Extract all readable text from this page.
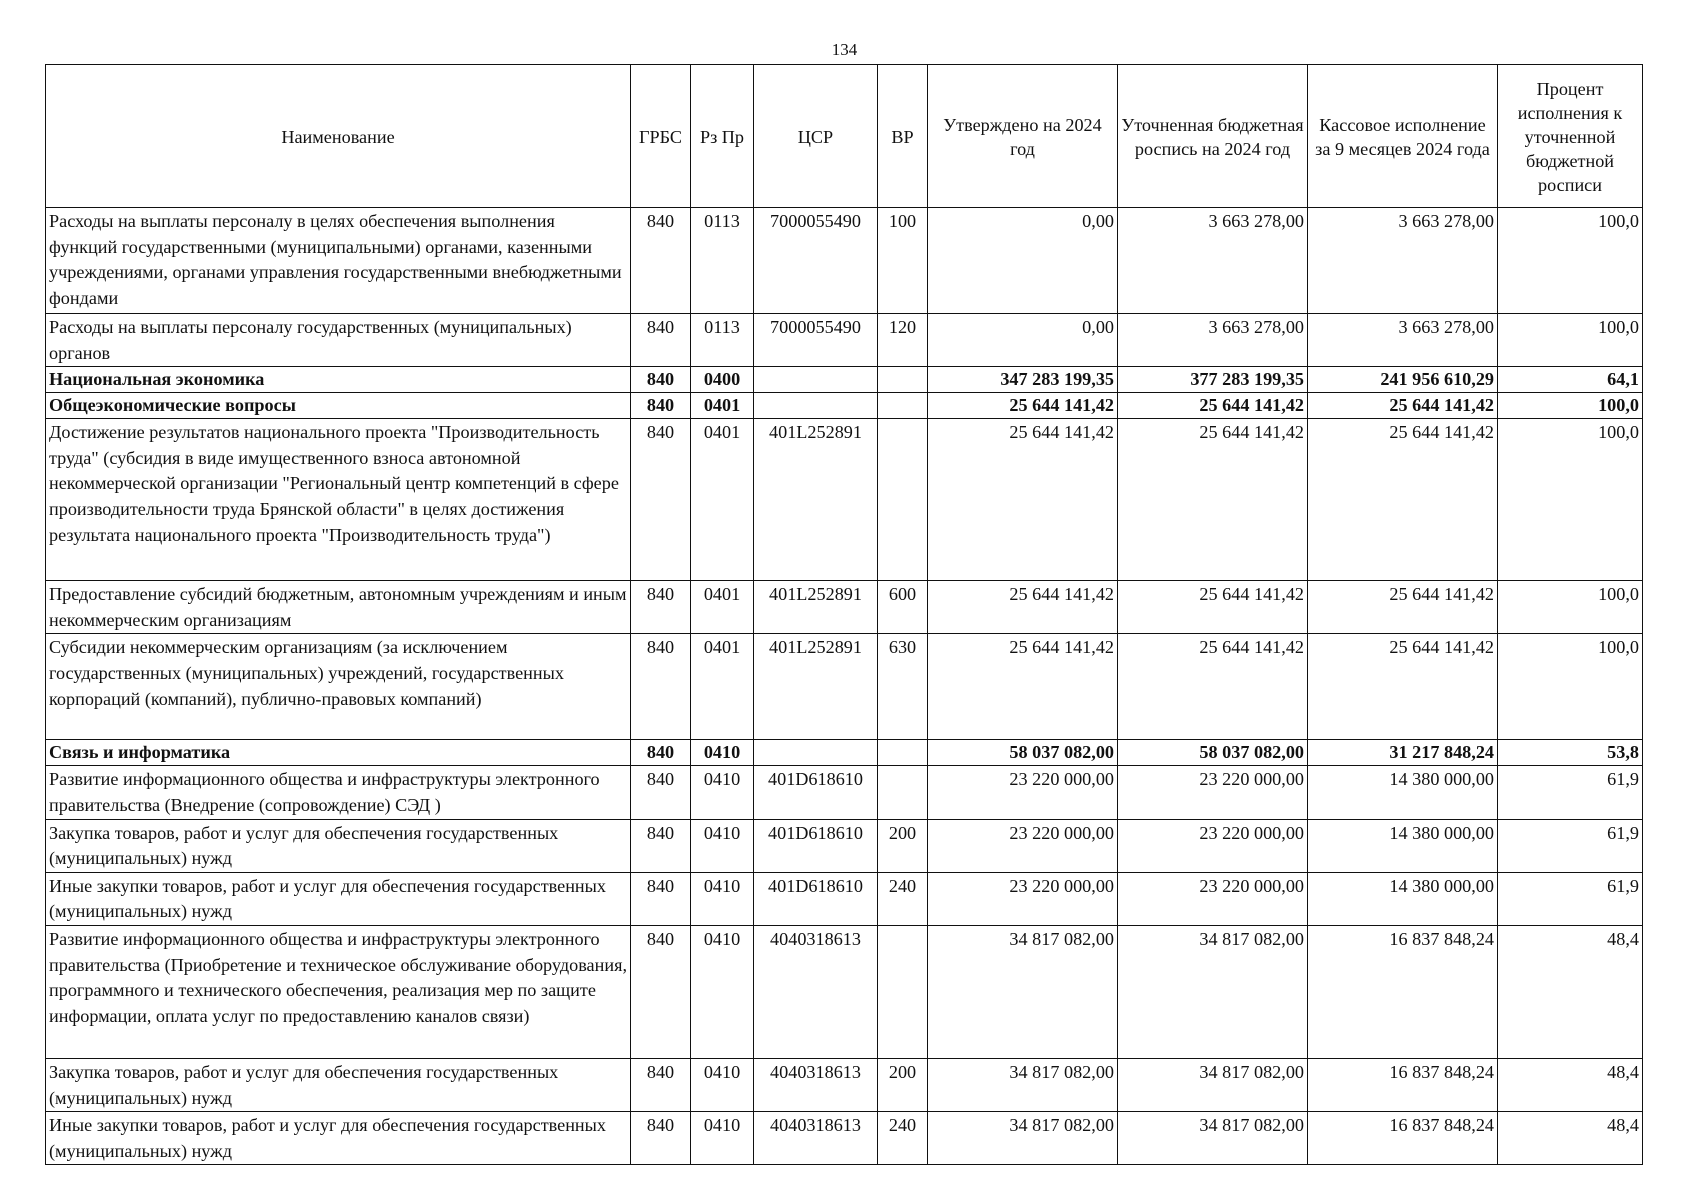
134
Наименование	ГРБС	Рз Пр	ЦСР	ВР	Утверждено на 2024 год	Уточненная бюджетная роспись на 2024 год	Кассовое исполнение за 9 месяцев 2024 года	Процент исполнения к уточненной бюджетной росписи
Расходы на выплаты персоналу в целях обеспечения выполнения функций государственными (муниципальными) органами, казенными учреждениями, органами управления государственными внебюджетными фондами	840	0113	7000055490	100	0,00	3 663 278,00	3 663 278,00	100,0
Расходы на выплаты персоналу государственных (муниципальных) органов	840	0113	7000055490	120	0,00	3 663 278,00	3 663 278,00	100,0
Национальная экономика	840	0400			347 283 199,35	377 283 199,35	241 956 610,29	64,1
Общеэкономические вопросы	840	0401			25 644 141,42	25 644 141,42	25 644 141,42	100,0
Достижение результатов национального проекта "Производительность труда" (субсидия в виде имущественного взноса автономной некоммерческой организации "Региональный центр компетенций в сфере производительности труда Брянской области" в целях достижения результата национального проекта "Производительность труда")	840	0401	401L252891		25 644 141,42	25 644 141,42	25 644 141,42	100,0
Предоставление субсидий бюджетным, автономным учреждениям и иным некоммерческим организациям	840	0401	401L252891	600	25 644 141,42	25 644 141,42	25 644 141,42	100,0
Субсидии некоммерческим организациям (за исключением государственных (муниципальных) учреждений, государственных корпораций (компаний), публично-правовых компаний)	840	0401	401L252891	630	25 644 141,42	25 644 141,42	25 644 141,42	100,0
Связь и информатика	840	0410			58 037 082,00	58 037 082,00	31 217 848,24	53,8
Развитие информационного общества и инфраструктуры электронного правительства (Внедрение (сопровождение) СЭД )	840	0410	401D618610		23 220 000,00	23 220 000,00	14 380 000,00	61,9
Закупка товаров, работ и услуг для обеспечения государственных (муниципальных) нужд	840	0410	401D618610	200	23 220 000,00	23 220 000,00	14 380 000,00	61,9
Иные закупки товаров, работ и услуг для обеспечения государственных (муниципальных) нужд	840	0410	401D618610	240	23 220 000,00	23 220 000,00	14 380 000,00	61,9
Развитие информационного общества и инфраструктуры электронного правительства (Приобретение и техническое обслуживание оборудования, программного и технического обеспечения, реализация мер по защите информации, оплата услуг по предоставлению каналов связи)	840	0410	4040318613		34 817 082,00	34 817 082,00	16 837 848,24	48,4
Закупка товаров, работ и услуг для обеспечения государственных (муниципальных) нужд	840	0410	4040318613	200	34 817 082,00	34 817 082,00	16 837 848,24	48,4
Иные закупки товаров, работ и услуг для обеспечения государственных (муниципальных) нужд	840	0410	4040318613	240	34 817 082,00	34 817 082,00	16 837 848,24	48,4
